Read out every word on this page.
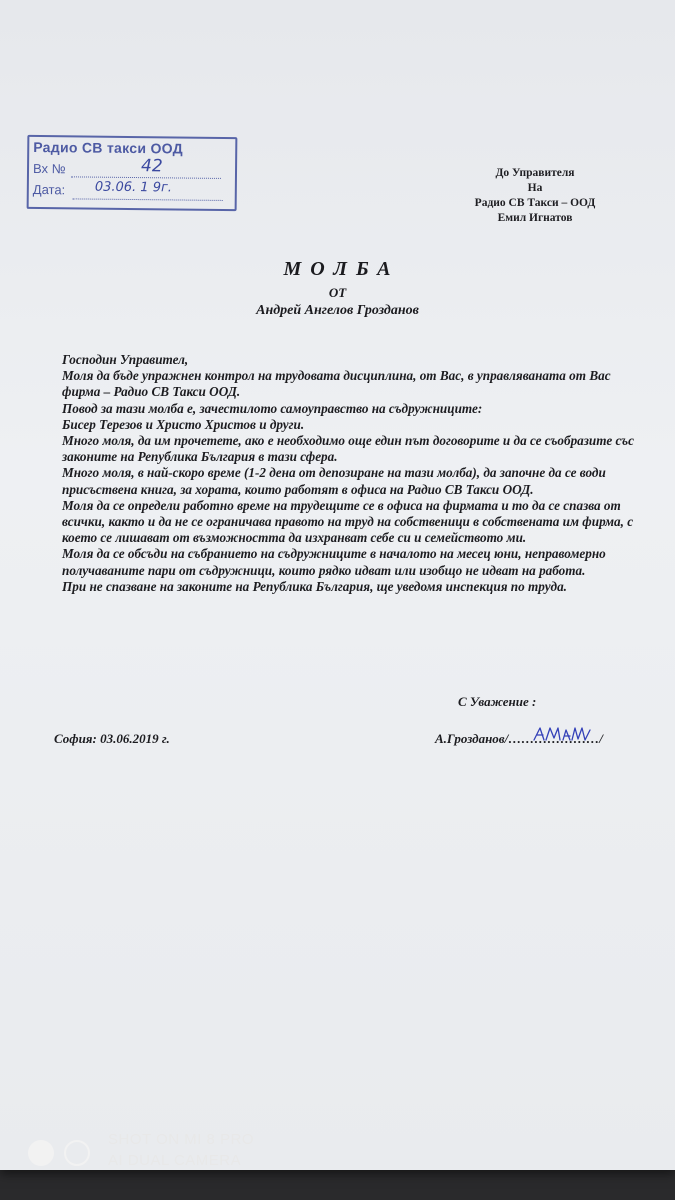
Радио СВ такси ООД
Вх №	42
Дата: 03.06. 1 9г.
До Управителя
На
Радио СВ Такси – ООД
Емил Игнатов
МОЛБА
ОТ
Андрей Ангелов Грозданов

Господин Управител,

Моля да бъде упражнен контрол на трудовата дисциплина, от Вас, в управляваната от Вас фирма – Радио СВ Такси ООД.

Повод за тази молба е, зачестилото самоуправство на съдружниците:

Бисер Терезов и Христо Христов и други.

Много моля, да им прочетете, ако е необходимо още един път договорите и да се съобразите със законите на Република България в тази сфера.

Много моля, в най-скоро време (1-2 дена от депозиране на тази молба), да започне да се води присъствена книга, за хората, които работят в офиса на Радио СВ Такси ООД.

Моля да се определи работно време на трудещите се в офиса на фирмата и то да се спазва от всички, както и да не се ограничава правото на труд на собственици в собствената им фирма, с което се лишават от възможността да изхранват себе си и семейството ми.

Моля да се обсъди на събранието на съдружниците в началото на месец юни, неправомерно получаваните пари от съдружници, които рядко идват или изобщо не идват на работа.

При не спазване на законите на Република България, ще уведомя инспекция по труда.

С Уважение :
София: 03.06.2019 г.	А.Грозданов/…………………/
SHOT ON MI 8 PRO
AI DUAL CAMERA
